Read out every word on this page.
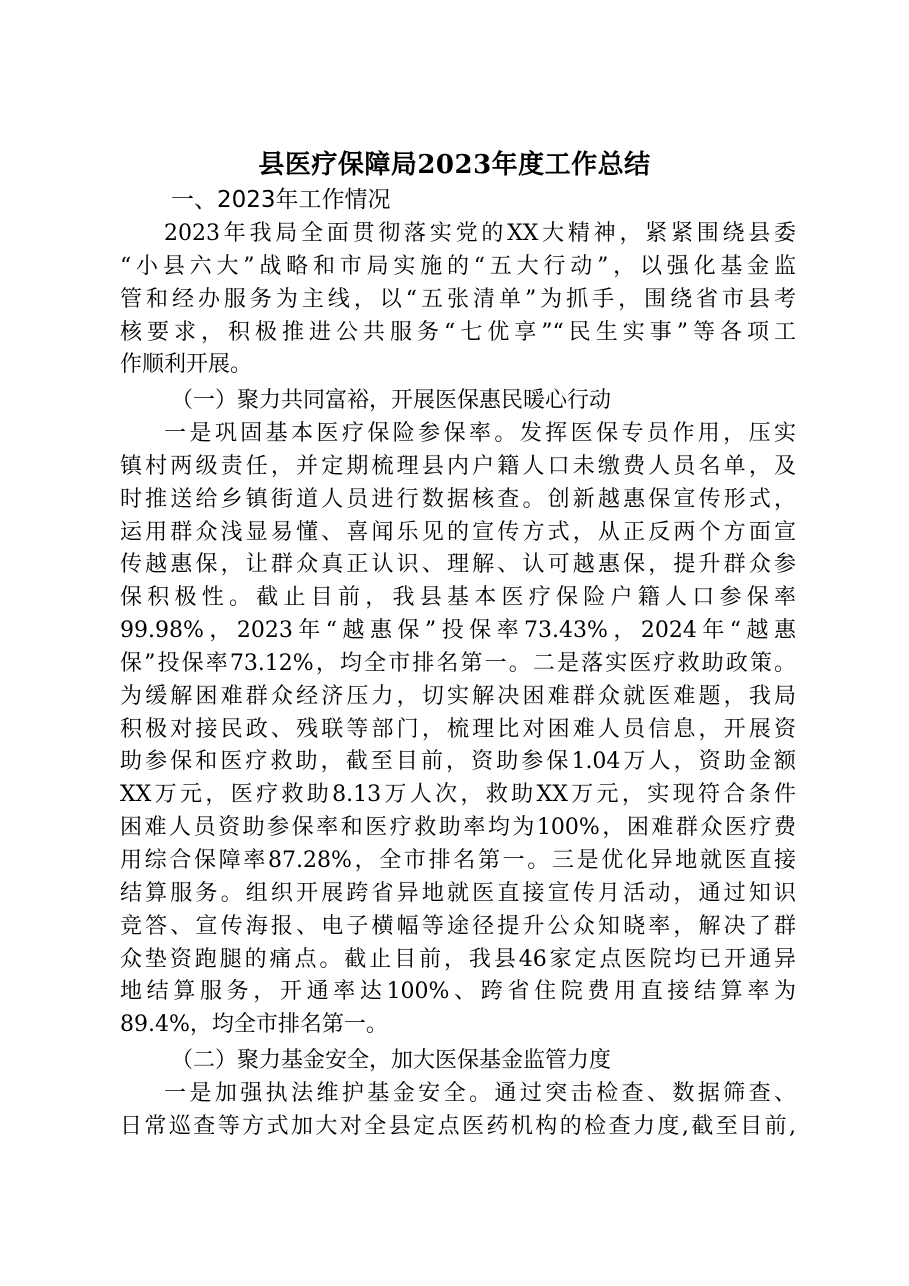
县医疗保障局2023年度工作总结
一、2023年工作情况
2023年我局全面贯彻落实党的XX大精神，紧紧围绕县委
“小县六大”战略和市局实施的“五大行动”，以强化基金监
管和经办服务为主线，以“五张清单”为抓手，围绕省市县考
核要求，积极推进公共服务“七优享”“民生实事”等各项工
作顺利开展。
（一）聚力共同富裕，开展医保惠民暖心行动
一是巩固基本医疗保险参保率。发挥医保专员作用，压实
镇村两级责任，并定期梳理县内户籍人口未缴费人员名单，及
时推送给乡镇街道人员进行数据核查。创新越惠保宣传形式，
运用群众浅显易懂、喜闻乐见的宣传方式，从正反两个方面宣
传越惠保，让群众真正认识、理解、认可越惠保，提升群众参
保积极性。截止目前，我县基本医疗保险户籍人口参保率
99.98%，2023年“越惠保”投保率73.43%，2024年“越惠
保”投保率73.12%，均全市排名第一。二是落实医疗救助政策。
为缓解困难群众经济压力，切实解决困难群众就医难题，我局
积极对接民政、残联等部门，梳理比对困难人员信息，开展资
助参保和医疗救助，截至目前，资助参保1.04万人，资助金额
XX万元，医疗救助8.13万人次，救助XX万元，实现符合条件
困难人员资助参保率和医疗救助率均为100%，困难群众医疗费
用综合保障率87.28%，全市排名第一。三是优化异地就医直接
结算服务。组织开展跨省异地就医直接宣传月活动，通过知识
竞答、宣传海报、电子横幅等途径提升公众知晓率，解决了群
众垫资跑腿的痛点。截止目前，我县46家定点医院均已开通异
地结算服务，开通率达100%、跨省住院费用直接结算率为
89.4%，均全市排名第一。
（二）聚力基金安全，加大医保基金监管力度
一是加强执法维护基金安全。通过突击检查、数据筛查、
日常巡查等方式加大对全县定点医药机构的检查力度,截至目前,
